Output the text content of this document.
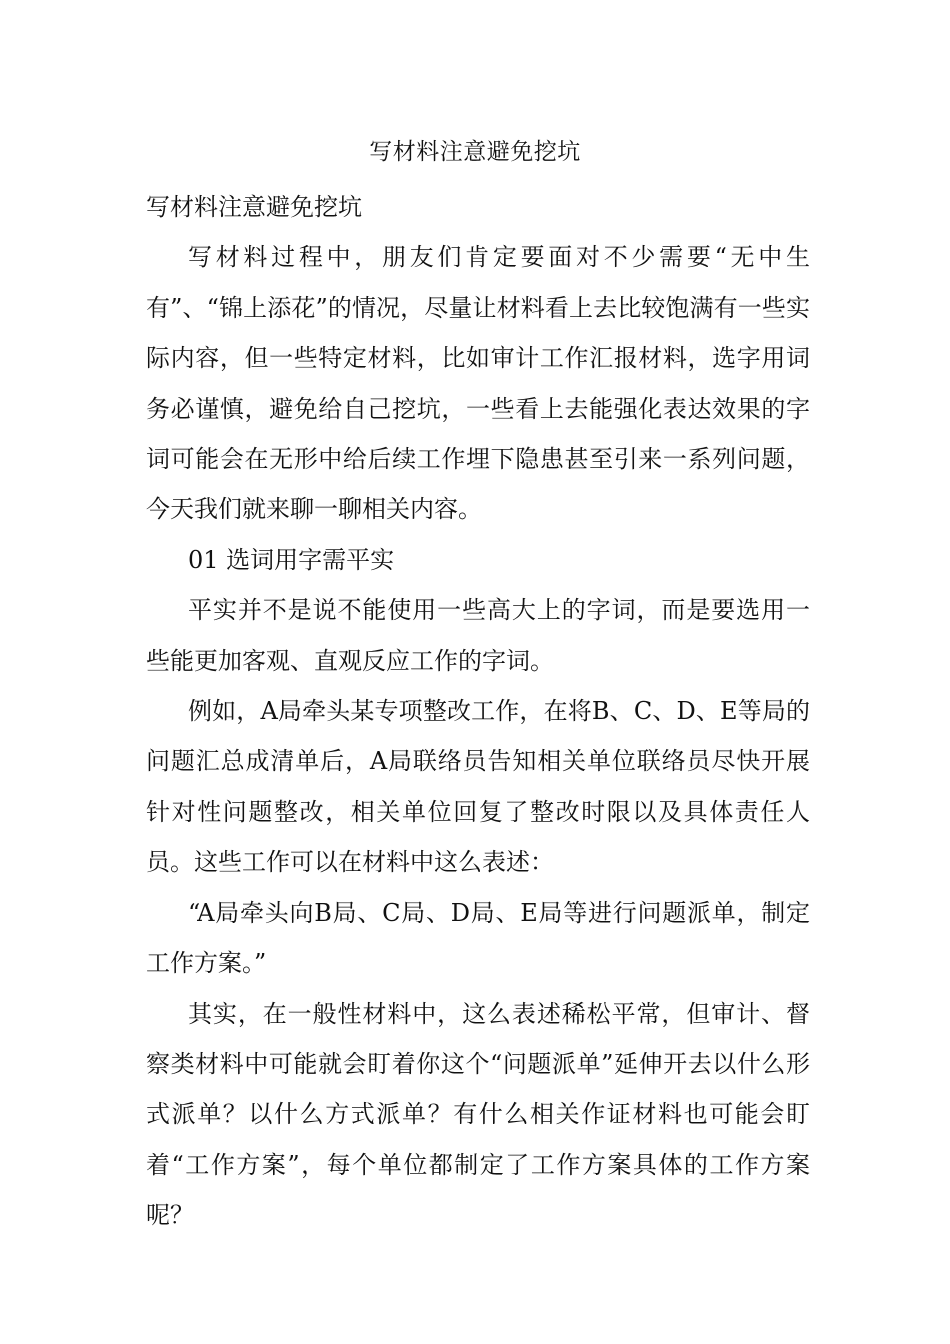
写材料注意避免挖坑

写材料注意避免挖坑

写材料过程中，朋友们肯定要面对不少需要“无中生有”、“锦上添花”的情况，尽量让材料看上去比较饱满有一些实际内容，但一些特定材料，比如审计工作汇报材料，选字用词务必谨慎，避免给自己挖坑，一些看上去能强化表达效果的字词可能会在无形中给后续工作埋下隐患甚至引来一系列问题，今天我们就来聊一聊相关内容。

01 选词用字需平实

平实并不是说不能使用一些高大上的字词，而是要选用一些能更加客观、直观反应工作的字词。

例如，A局牵头某专项整改工作，在将B、C、D、E等局的问题汇总成清单后，A局联络员告知相关单位联络员尽快开展针对性问题整改，相关单位回复了整改时限以及具体责任人员。这些工作可以在材料中这么表述：

“A局牵头向B局、C局、D局、E局等进行问题派单，制定工作方案。”

其实，在一般性材料中，这么表述稀松平常，但审计、督察类材料中可能就会盯着你这个“问题派单”延伸开去以什么形式派单？以什么方式派单？有什么相关作证材料也可能会盯着“工作方案”，每个单位都制定了工作方案具体的工作方案呢？
